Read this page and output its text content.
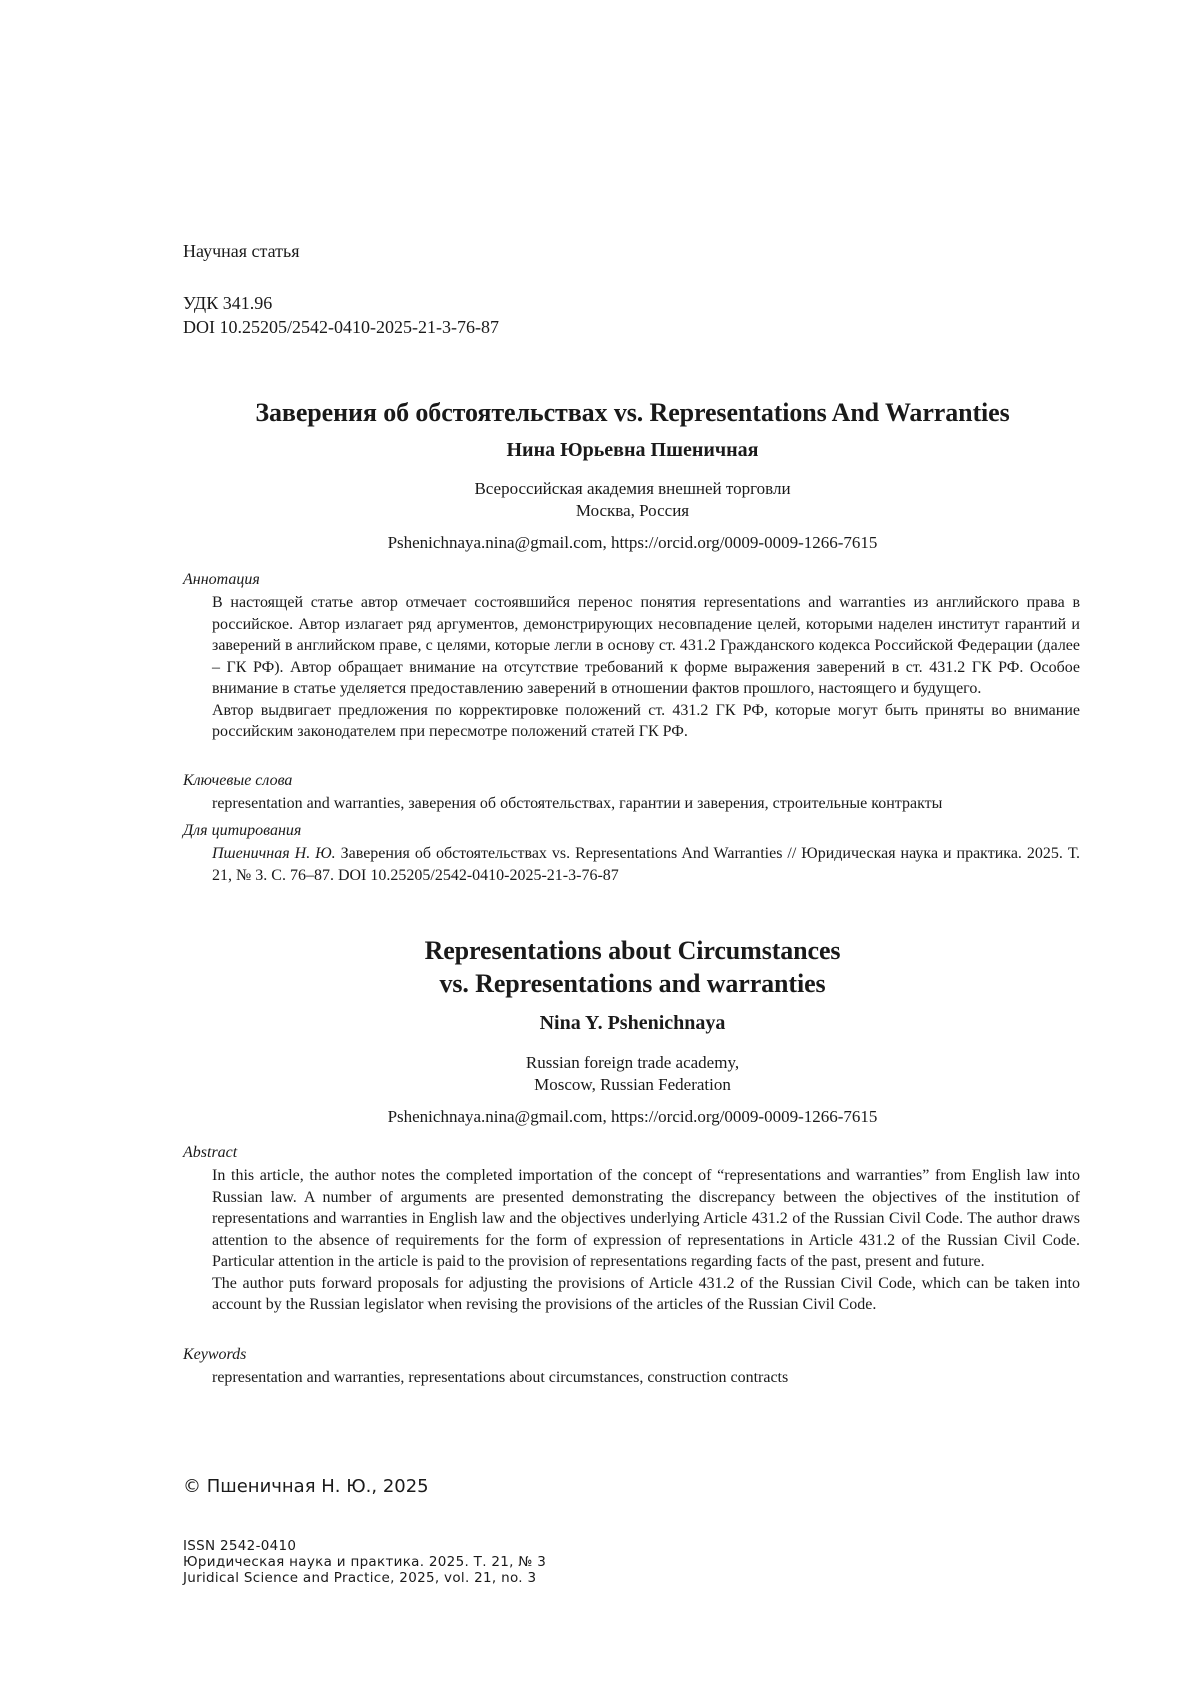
Научная статья
УДК 341.96
DOI 10.25205/2542-0410-2025-21-3-76-87
Заверения об обстоятельствах vs. Representations And Warranties
Нина Юрьевна Пшеничная
Всероссийская академия внешней торговли
Москва, Россия
Pshenichnaya.nina@gmail.com, https://orcid.org/0009-0009-1266-7615
Аннотация

В настоящей статье автор отмечает состоявшийся перенос понятия representations and warranties из английского права в российское. Автор излагает ряд аргументов, демонстрирующих несовпадение целей, которыми наделен институт гарантий и заверений в английском праве, с целями, которые легли в основу ст. 431.2 Гражданского кодекса Российской Федерации (далее – ГК РФ). Автор обращает внимание на отсутствие требований к форме выражения заверений в ст. 431.2 ГК РФ. Особое внимание в статье уделяется предоставлению заверений в отношении фактов прошлого, настоящего и будущего.

Автор выдвигает предложения по корректировке положений ст. 431.2 ГК РФ, которые могут быть приняты во внимание российским законодателем при пересмотре положений статей ГК РФ.

Ключевые слова
representation and warranties, заверения об обстоятельствах, гарантии и заверения, строительные контракты
Для цитирования
Пшеничная Н. Ю. Заверения об обстоятельствах vs. Representations And Warranties // Юридическая наука и практика. 2025. Т. 21, № 3. С. 76–87. DOI 10.25205/2542-0410-2025-21-3-76-87
Representations about Circumstances
vs. Representations and warranties
Nina Y. Pshenichnaya
Russian foreign trade academy,
Moscow, Russian Federation
Pshenichnaya.nina@gmail.com, https://orcid.org/0009-0009-1266-7615
Abstract

In this article, the author notes the completed importation of the concept of “representations and warranties” from English law into Russian law. A number of arguments are presented demonstrating the discrepancy between the objectives of the institution of representations and warranties in English law and the objectives underlying Article 431.2 of the Russian Civil Code. The author draws attention to the absence of requirements for the form of expression of representations in Article 431.2 of the Russian Civil Code. Particular attention in the article is paid to the provision of representations regarding facts of the past, present and future.

The author puts forward proposals for adjusting the provisions of Article 431.2 of the Russian Civil Code, which can be taken into account by the Russian legislator when revising the provisions of the articles of the Russian Civil Code.

Keywords
representation and warranties, representations about circumstances, construction contracts
© Пшеничная Н. Ю., 2025
ISSN 2542-0410
Юридическая наука и практика. 2025. Т. 21, № 3
Juridical Science and Practice, 2025, vol. 21, no. 3
